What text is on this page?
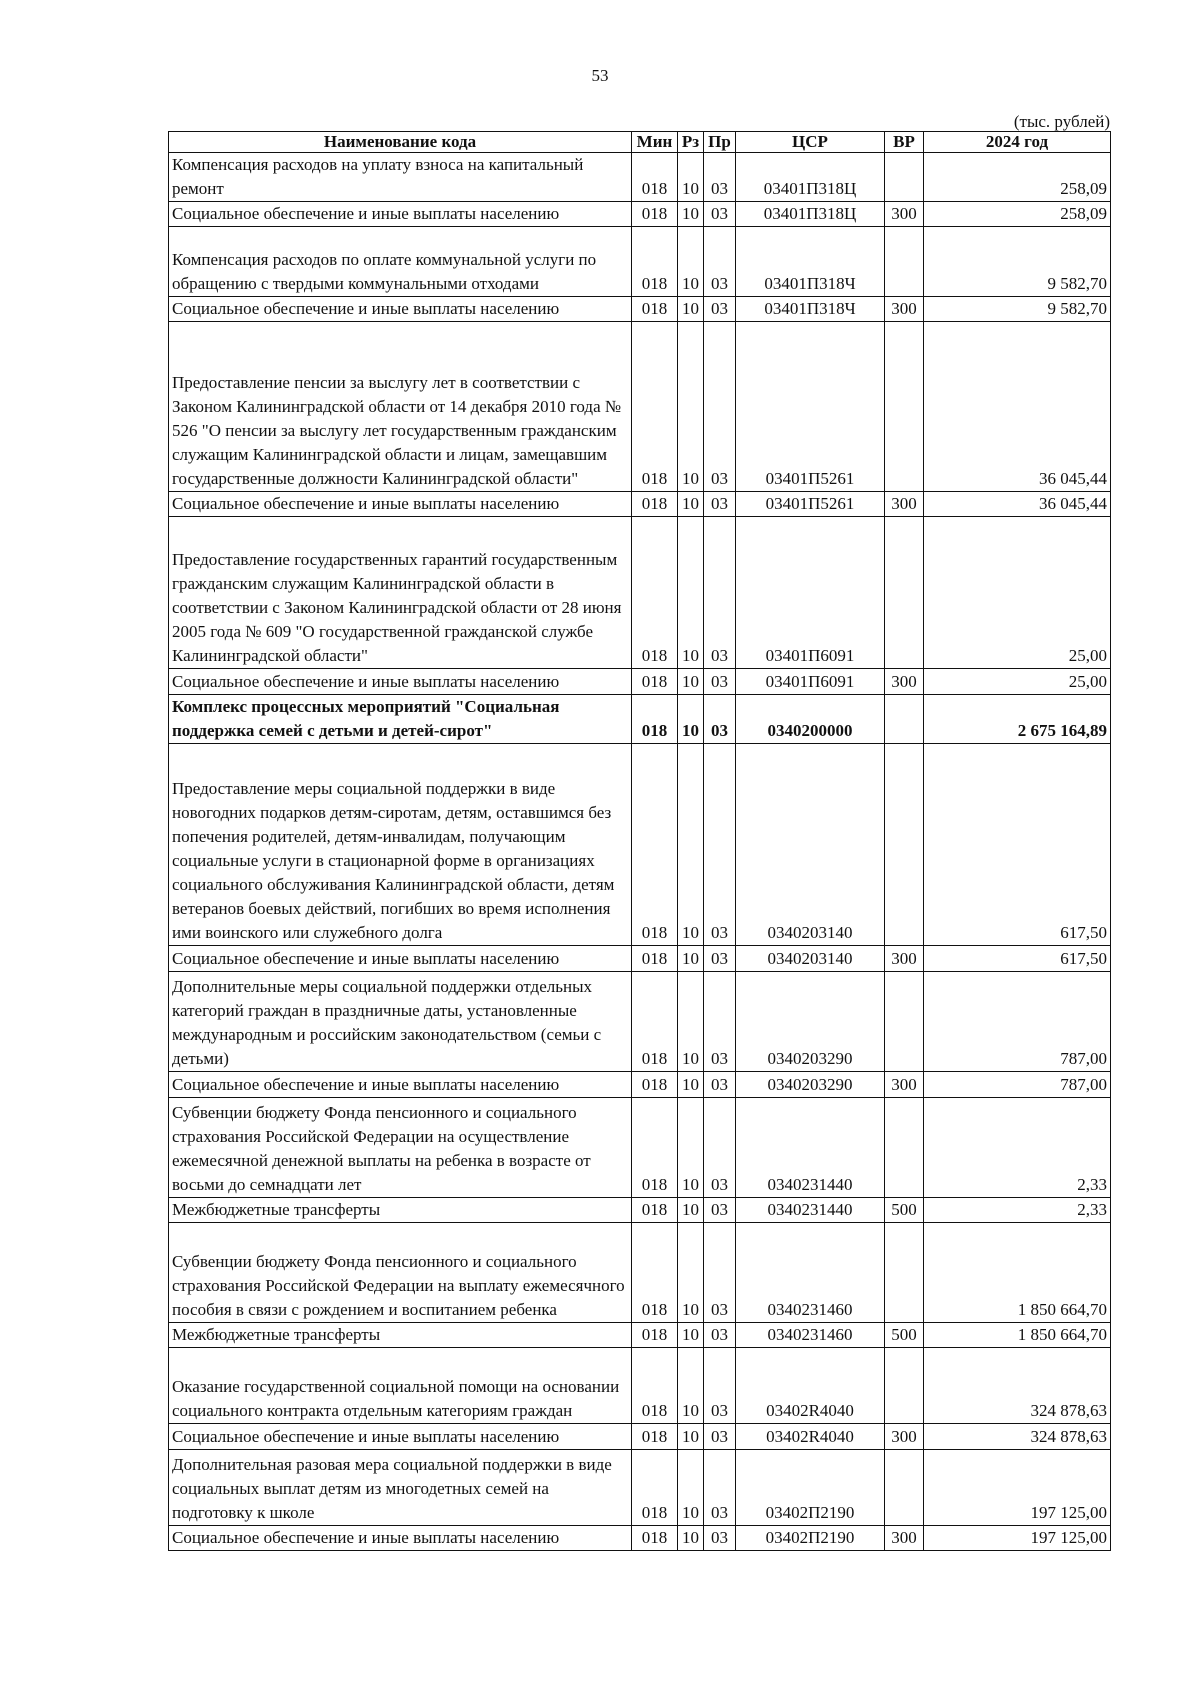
53
(тыс. рублей)
Наименование кода	Мин	Рз	Пр	ЦСР	ВР	2024 год
Компенсация расходов на уплату взноса на капитальный ремонт	018	10	03	03401П318Ц		258,09
Социальное обеспечение и иные выплаты населению	018	10	03	03401П318Ц	300	258,09
Компенсация расходов по оплате коммунальной услуги по обращению с твердыми коммунальными отходами	018	10	03	03401П318Ч		9 582,70
Социальное обеспечение и иные выплаты населению	018	10	03	03401П318Ч	300	9 582,70
Предоставление пенсии за выслугу лет в соответствии с Законом Калининградской области от 14 декабря 2010 года № 526 "О пенсии за выслугу лет государственным гражданским служащим Калининградской области и лицам, замещавшим государственные должности Калининградской области"	018	10	03	03401П5261		36 045,44
Социальное обеспечение и иные выплаты населению	018	10	03	03401П5261	300	36 045,44
Предоставление государственных гарантий государственным гражданским служащим Калининградской области в соответствии с Законом Калининградской области от 28 июня 2005 года № 609 "О государственной гражданской службе Калининградской области"	018	10	03	03401П6091		25,00
Социальное обеспечение и иные выплаты населению	018	10	03	03401П6091	300	25,00
Комплекс процессных мероприятий "Социальная поддержка семей с детьми и детей-сирот"	018	10	03	0340200000		2 675 164,89
Предоставление меры социальной поддержки в виде новогодних подарков детям-сиротам, детям, оставшимся без попечения родителей, детям-инвалидам, получающим социальные услуги в стационарной форме в организациях социального обслуживания Калининградской области, детям ветеранов боевых действий, погибших во время исполнения ими воинского или служебного долга	018	10	03	0340203140		617,50
Социальное обеспечение и иные выплаты населению	018	10	03	0340203140	300	617,50
Дополнительные меры социальной поддержки отдельных категорий граждан в праздничные даты, установленные международным и российским законодательством (семьи с детьми)	018	10	03	0340203290		787,00
Социальное обеспечение и иные выплаты населению	018	10	03	0340203290	300	787,00
Субвенции бюджету Фонда пенсионного и социального страхования Российской Федерации на осуществление ежемесячной денежной выплаты на ребенка в возрасте от восьми до семнадцати лет	018	10	03	0340231440		2,33
Межбюджетные трансферты	018	10	03	0340231440	500	2,33
Субвенции бюджету Фонда пенсионного и социального страхования Российской Федерации на выплату ежемесячного пособия в связи с рождением и воспитанием ребенка	018	10	03	0340231460		1 850 664,70
Межбюджетные трансферты	018	10	03	0340231460	500	1 850 664,70
Оказание государственной социальной помощи на основании социального контракта отдельным категориям граждан	018	10	03	03402R4040		324 878,63
Социальное обеспечение и иные выплаты населению	018	10	03	03402R4040	300	324 878,63
Дополнительная разовая мера социальной поддержки в виде социальных выплат детям из многодетных семей на подготовку к школе	018	10	03	03402П2190		197 125,00
Социальное обеспечение и иные выплаты населению	018	10	03	03402П2190	300	197 125,00
